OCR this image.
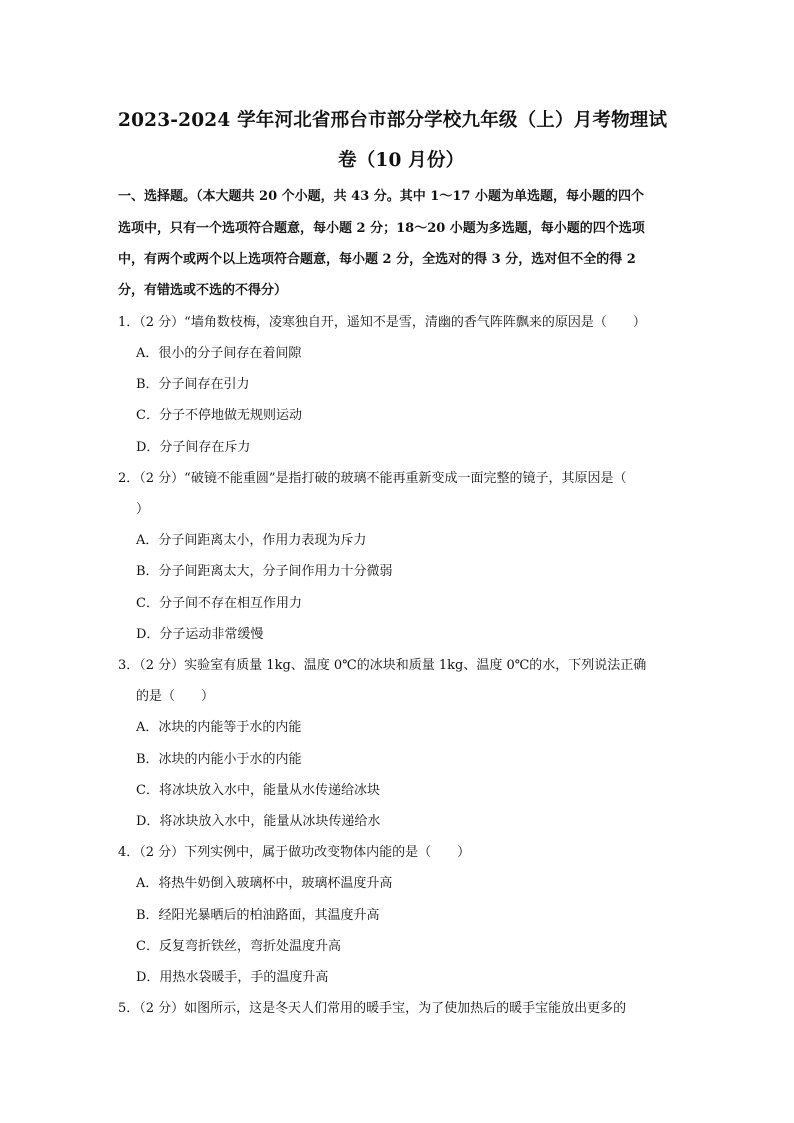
2023-2024 学年河北省邢台市部分学校九年级（上）月考物理试
卷（10 月份）
一、选择题。（本大题共 20 个小题，共 43 分。其中 1～17 小题为单选题，每小题的四个
选项中，只有一个选项符合题意，每小题 2 分；18～20 小题为多选题，每小题的四个选项
中，有两个或两个以上选项符合题意，每小题 2 分，全选对的得 3 分，选对但不全的得 2
分，有错选或不选的不得分）
1．（2 分）“墙角数枝梅，凌寒独自开，遥知不是雪，清幽的香气阵阵飘来的原因是（　　）
A．很小的分子间存在着间隙
B．分子间存在引力
C．分子不停地做无规则运动
D．分子间存在斥力
2．（2 分）“破镜不能重圆”是指打破的玻璃不能再重新变成一面完整的镜子，其原因是（
）
A．分子间距离太小，作用力表现为斥力
B．分子间距离太大，分子间作用力十分微弱
C．分子间不存在相互作用力
D．分子运动非常缓慢
3．（2 分）实验室有质量 1kg、温度 0℃的冰块和质量 1kg、温度 0℃的水，下列说法正确
的是（　　）
A．冰块的内能等于水的内能
B．冰块的内能小于水的内能
C．将冰块放入水中，能量从水传递给冰块
D．将冰块放入水中，能量从冰块传递给水
4．（2 分）下列实例中，属于做功改变物体内能的是（　　）
A．将热牛奶倒入玻璃杯中，玻璃杯温度升高
B．经阳光暴晒后的柏油路面，其温度升高
C．反复弯折铁丝，弯折处温度升高
D．用热水袋暖手，手的温度升高
5．（2 分）如图所示，这是冬天人们常用的暖手宝，为了使加热后的暖手宝能放出更多的
